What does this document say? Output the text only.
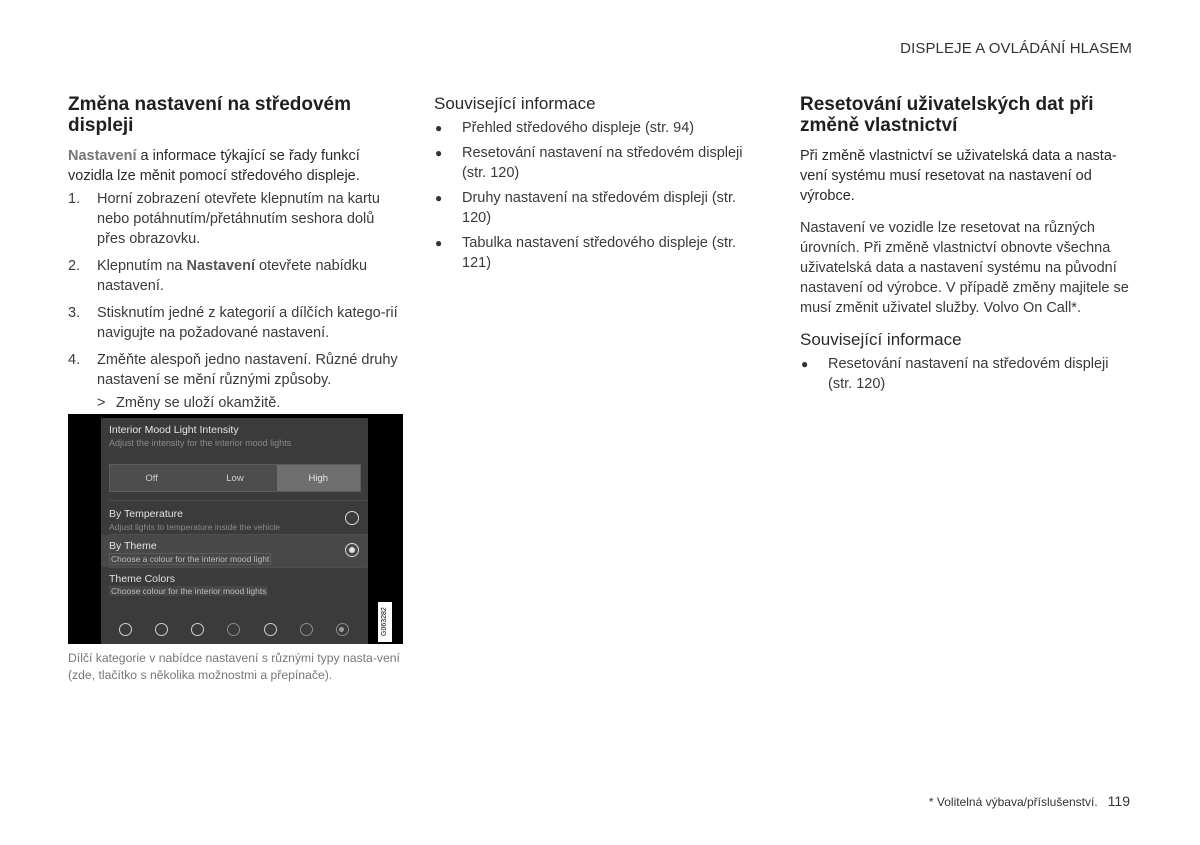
DISPLEJE A OVLÁDÁNÍ HLASEM
Změna nastavení na středovém displeji

Nastavení a informace týkající se řady funkcí vozidla lze měnit pomocí středového displeje.

1.	Horní zobrazení otevřete klepnutím na kartu nebo potáhnutím/přetáhnutím seshora dolů přes obrazovku.
2.	Klepnutím na Nastavení otevřete nabídku nastavení.
3.	Stisknutím jedné z kategorií a dílčích katego-rií navigujte na požadované nastavení.
4.	Změňte alespoň jedno nastavení. Různé druhy nastavení se mění různými způsoby.
> Změny se uloží okamžitě.
Interior Mood Light Intensity
Adjust the intensity for the interior mood lights
Off	Low	High
By Temperature
Adjust lights to temperature inside the vehicle
By Theme
Choose a colour for the interior mood light
Theme Colors
Choose colour for the interior mood lights
G063282
Dílčí kategorie v nabídce nastavení s různými typy nasta-vení (zde, tlačítko s několika možnostmi a přepínače).
Související informace
●	Přehled středového displeje (str. 94)
●	Resetování nastavení na středovém displeji (str. 120)
●	Druhy nastavení na středovém displeji (str. 120)
●	Tabulka nastavení středového displeje (str. 121)
Resetování uživatelských dat při změně vlastnictví

Při změně vlastnictví se uživatelská data a nasta-vení systému musí resetovat na nastavení od výrobce.

Nastavení ve vozidle lze resetovat na různých úrovních. Při změně vlastnictví obnovte všechna uživatelská data a nastavení systému na původní nastavení od výrobce. V případě změny majitele se musí změnit uživatel služby. Volvo On Call*.

Související informace
●	Resetování nastavení na středovém displeji (str. 120)
* Volitelná výbava/příslušenství. 119
